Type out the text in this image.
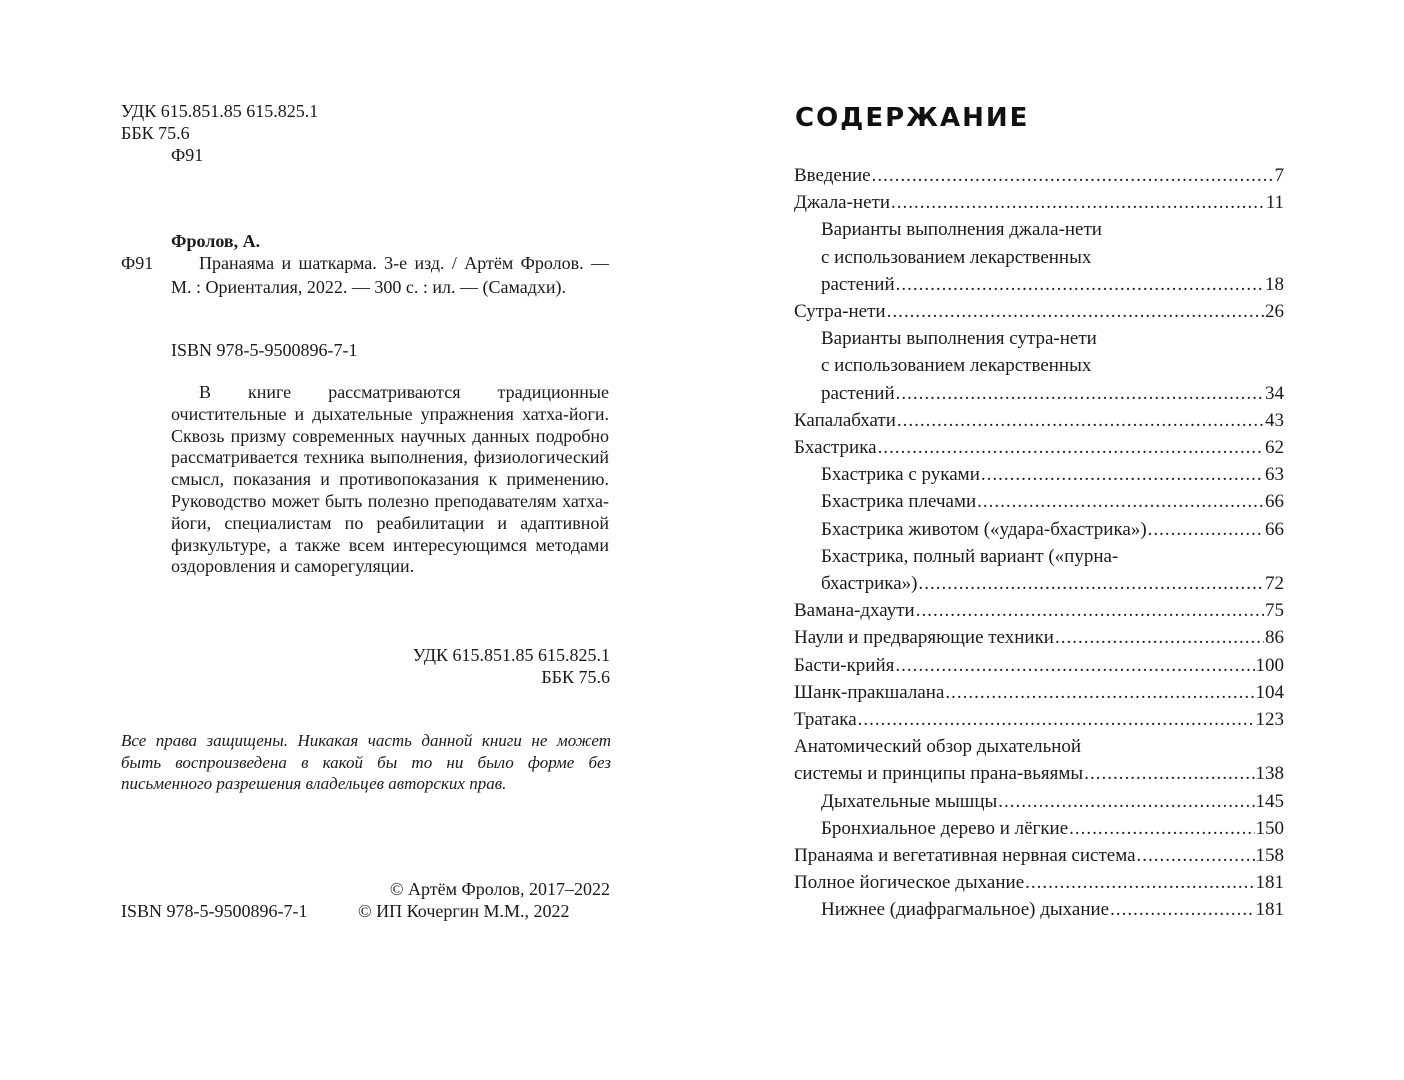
УДК 615.851.85 615.825.1
ББК 75.6
Ф91
Фролов, А.
Ф91	Пранаяма и шаткарма. 3-е изд. / Артём Фролов. — М. : Ориенталия, 2022. — 300 с. : ил. — (Самадхи).
ISBN 978-5-9500896-7-1
В книге рассматриваются традиционные очистительные и дыхательные упражнения хатха-йоги. Сквозь призму современных научных данных подробно рассматривается техника выполнения, физиологический смысл, показания и противопоказания к применению. Руководство может быть полезно преподавателям хатха-йоги, специалистам по реабилитации и адаптивной физкультуре, а также всем интересующимся методами оздоровления и саморегуляции.
УДК 615.851.85 615.825.1
ББК 75.6
Все права защищены. Никакая часть данной книги не может быть воспроизведена в какой бы то ни было форме без письменного разрешения владельцев авторских прав.
© Артём Фролов, 2017–2022
ISBN 978-5-9500896-7-1	© ИП Кочергин М.М., 2022
СОДЕРЖАНИЕ
Введение .....	7
Джала-нети .....	11
Варианты выполнения джала-нети
с использованием лекарственных
растений .....	18
Сутра-нети .....	26
Варианты выполнения сутра-нети
с использованием лекарственных
растений .....	34
Капалабхати .....	43
Бхастрика .....	62
Бхастрика с руками .....	63
Бхастрика плечами .....	66
Бхастрика животом («удара-бхастрика») .....	66
Бхастрика, полный вариант («пурна-
бхастрика») .....	72
Вамана-дхаути .....	75
Наули и предваряющие техники .....	86
Басти-крийя .....	100
Шанк-пракшалана .....	104
Тратака .....	123
Анатомический обзор дыхательной
системы и принципы прана-вьяямы .....	138
Дыхательные мышцы .....	145
Бронхиальное дерево и лёгкие .....	150
Пранаяма и вегетативная нервная система .....	158
Полное йогическое дыхание .....	181
Нижнее (диафрагмальное) дыхание .....	181
